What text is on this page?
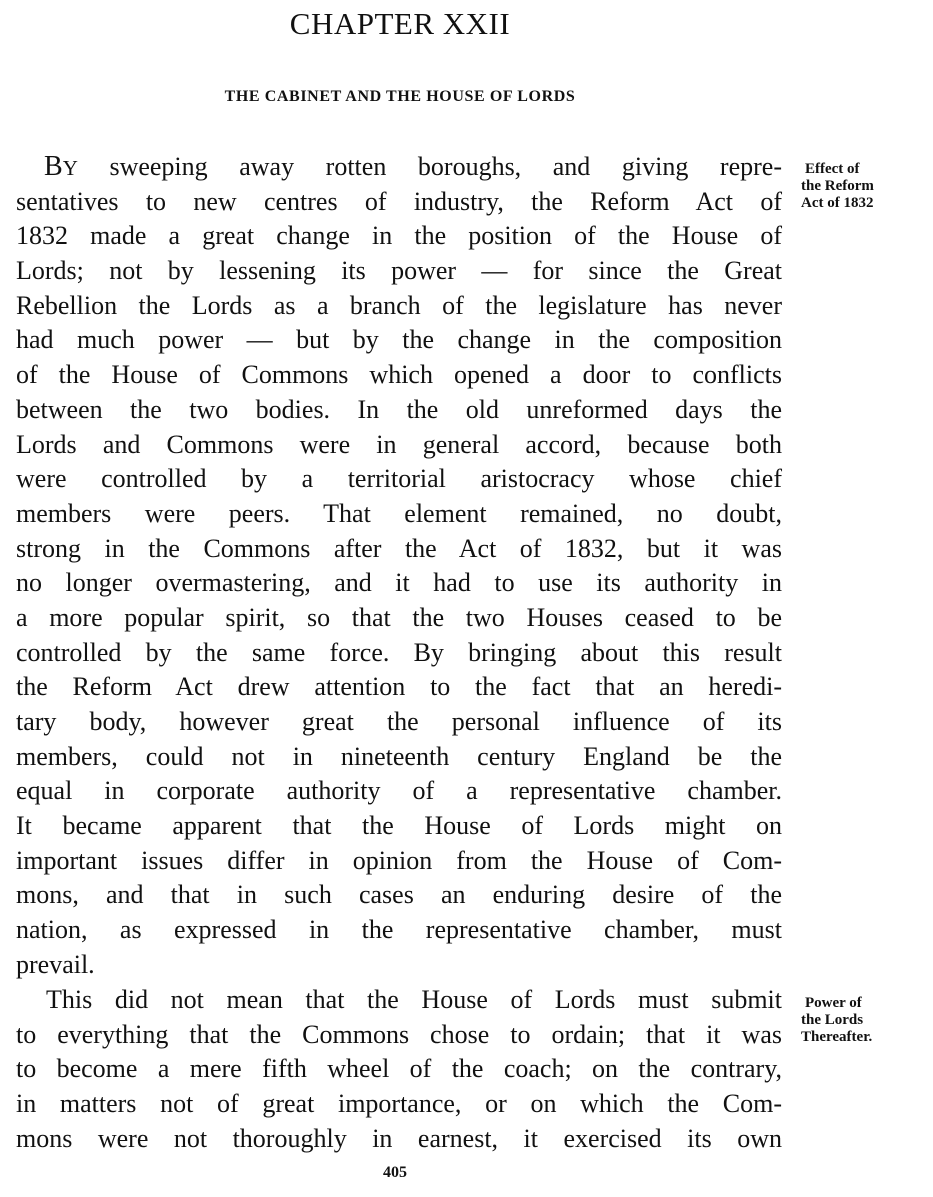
CHAPTER XXII
THE CABINET AND THE HOUSE OF LORDS
BY sweeping away rotten boroughs, and giving repre-
sentatives to new centres of industry, the Reform Act of
1832 made a great change in the position of the House of
Lords; not by lessening its power — for since the Great
Rebellion the Lords as a branch of the legislature has never
had much power — but by the change in the composition
of the House of Commons which opened a door to conflicts
between the two bodies. In the old unreformed days the
Lords and Commons were in general accord, because both
were controlled by a territorial aristocracy whose chief
members were peers. That element remained, no doubt,
strong in the Commons after the Act of 1832, but it was
no longer overmastering, and it had to use its authority in
a more popular spirit, so that the two Houses ceased to be
controlled by the same force. By bringing about this result
the Reform Act drew attention to the fact that an heredi-
tary body, however great the personal influence of its
members, could not in nineteenth century England be the
equal in corporate authority of a representative chamber.
It became apparent that the House of Lords might on
important issues differ in opinion from the House of Com-
mons, and that in such cases an enduring desire of the
nation, as expressed in the representative chamber, must
prevail.
This did not mean that the House of Lords must submit
to everything that the Commons chose to ordain; that it was
to become a mere fifth wheel of the coach; on the contrary,
in matters not of great importance, or on which the Com-
mons were not thoroughly in earnest, it exercised its own
Effect of
the Reform
Act of 1832
Power of
the Lords
Thereafter.
405
